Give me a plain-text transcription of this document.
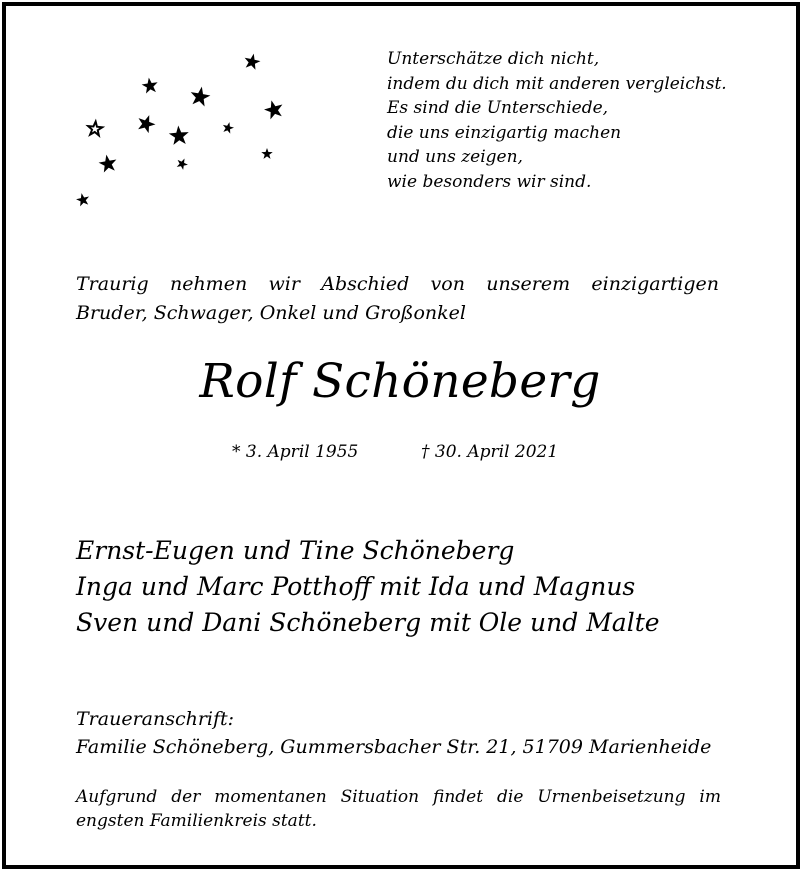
Unterschätze dich nicht,
indem du dich mit anderen vergleichst.
Es sind die Unterschiede,
die uns einzigartig machen
und uns zeigen,
wie besonders wir sind.
Traurig nehmen wir Abschied von unserem einzigartigen
Bruder, Schwager, Onkel und Großonkel
Rolf Schöneberg
* 3. April 1955	† 30. April 2021
Ernst-Eugen und Tine Schöneberg
Inga und Marc Potthoff mit Ida und Magnus
Sven und Dani Schöneberg mit Ole und Malte
Traueranschrift:
Familie Schöneberg, Gummersbacher Str. 21, 51709 Marienheide
Aufgrund der momentanen Situation findet die Urnenbeisetzung im
engsten Familienkreis statt.
